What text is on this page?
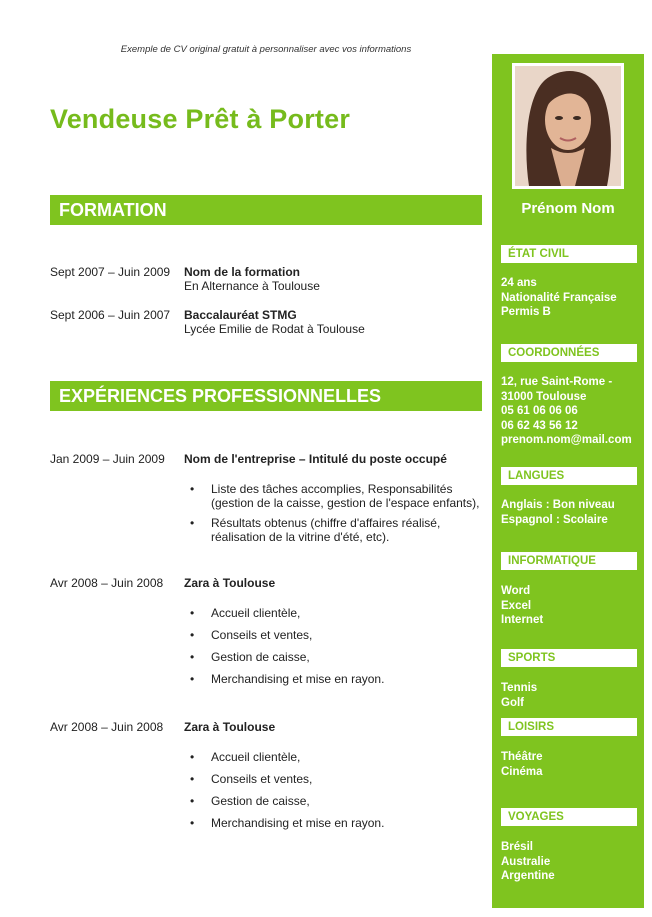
Exemple de CV original gratuit à personnaliser avec vos informations
Vendeuse Prêt à Porter
FORMATION
Sept 2007 – Juin 2009 Nom de la formation
En Alternance à Toulouse
Sept 2006 – Juin 2007 Baccalauréat STMG
Lycée Emilie de Rodat à Toulouse
EXPÉRIENCES PROFESSIONNELLES
Jan 2009 – Juin 2009 Nom de l'entreprise – Intitulé du poste occupé
• Liste des tâches accomplies, Responsabilités (gestion de la caisse, gestion de l'espace enfants),
• Résultats obtenus (chiffre d'affaires réalisé, réalisation de la vitrine d'été, etc).
Avr 2008 – Juin 2008 Zara à Toulouse
• Accueil clientèle,
• Conseils et ventes,
• Gestion de caisse,
• Merchandising et mise en rayon.
Avr 2008 – Juin 2008 Zara à Toulouse
• Accueil clientèle,
• Conseils et ventes,
• Gestion de caisse,
• Merchandising et mise en rayon.
Prénom Nom
ÉTAT CIVIL
24 ans
Nationalité Française
Permis B
COORDONNÉES
12, rue Saint-Rome -
31000 Toulouse
05 61 06 06 06
06 62 43 56 12
prenom.nom@mail.com
LANGUES
Anglais : Bon niveau
Espagnol : Scolaire
INFORMATIQUE
Word
Excel
Internet
SPORTS
Tennis
Golf
LOISIRS
Théâtre
Cinéma
VOYAGES
Brésil
Australie
Argentine
